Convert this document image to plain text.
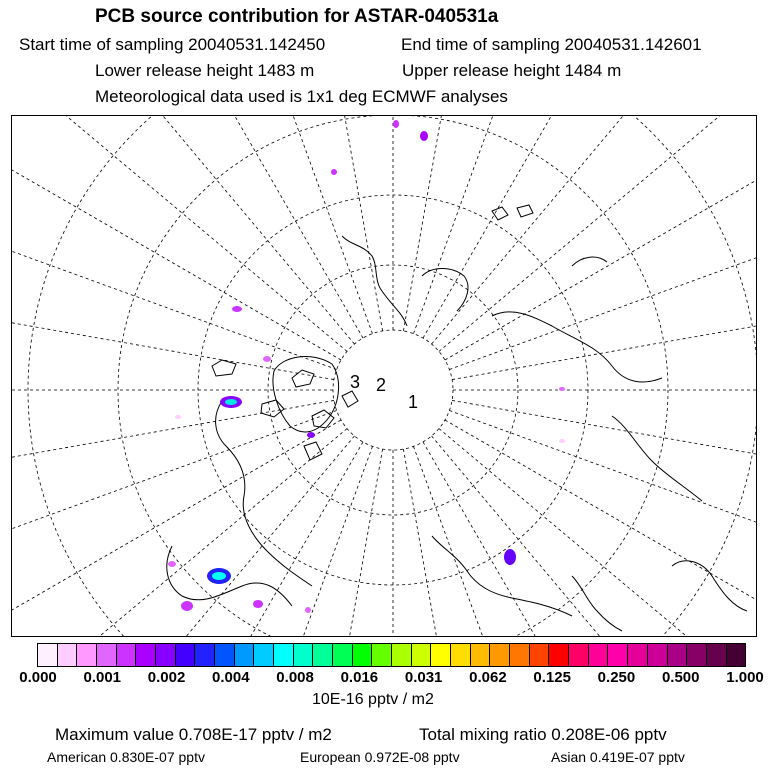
PCB source contribution for ASTAR-040531a
Start time of sampling 20040531.142450	End time of sampling 20040531.142601
Lower release height 1483 m	Upper release height 1484 m
Meteorological data used is 1x1 deg ECMWF analyses
1
3 2
0.000 0.001 0.002 0.004 0.008 0.016 0.031 0.062 0.125 0.250 0.500 1.000
10E-16 pptv / m2
Maximum value 0.708E-17 pptv / m2	Total mixing ratio 0.208E-06 pptv
American 0.830E-07 pptv	European 0.972E-08 pptv	Asian 0.419E-07 pptv
